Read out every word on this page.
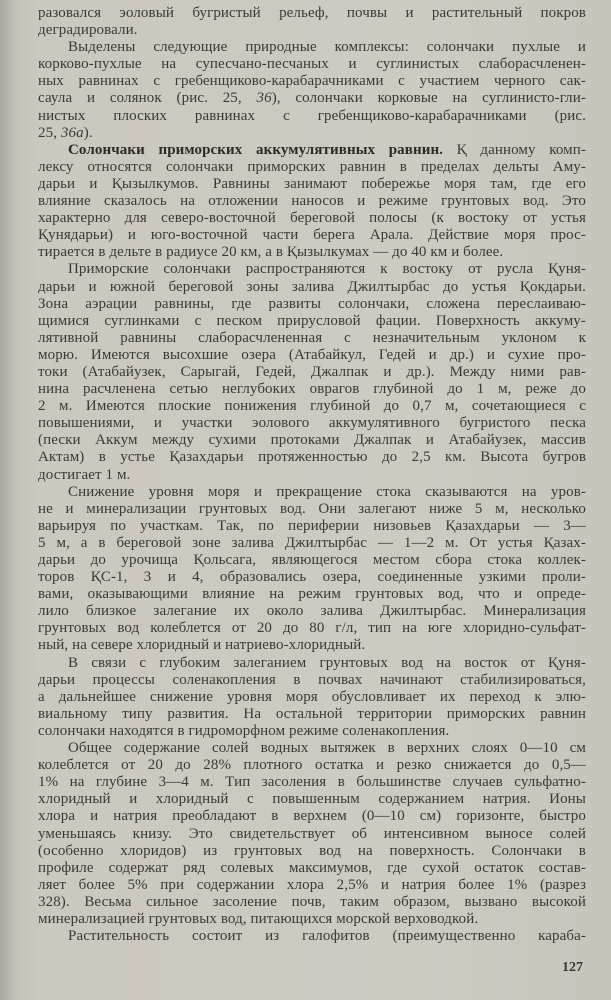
разовался эоловый бугристый рельеф, почвы и растительный покров
деградировали.
Выделены следующие природные комплексы: солончаки пухлые и
корково-пухлые на супесчано-песчаных и суглинистых слаборасчленен-
ных равнинах с гребенщиково-карабарачниками с участием черного сак-
саула и солянок (рис. 25, 36), солончаки корковые на суглинисто-гли-
нистых плоских равнинах с гребенщиково-карабарачниками (рис.
25, 36а).
Солончаки приморских аккумулятивных равнин. Қ данному комп-
лексу относятся солончаки приморских равнин в пределах дельты Аму-
дарьи и Қызылкумов. Равнины занимают побережье моря там, где его
влияние сказалось на отложении наносов и режиме грунтовых вод. Это
характерно для северо-восточной береговой полосы (к востоку от устья
Қунядарьи) и юго-восточной части берега Арала. Действие моря прос-
тирается в дельте в радиусе 20 км, а в Қызылкумах — до 40 км и более.
Приморские солончаки распространяются к востоку от русла Қуня-
дарьи и южной береговой зоны залива Джилтырбас до устья Қокдарьи.
Зона аэрации равнины, где развиты солончаки, сложена переслаиваю-
щимися суглинками с песком прирусловой фации. Поверхность аккуму-
лятивной равнины слаборасчлененная с незначительным уклоном к
морю. Имеются высохшие озера (Атабайкул, Гедей и др.) и сухие про-
токи (Атабайузек, Сарыгай, Гедей, Джалпак и др.). Между ними рав-
нина расчленена сетью неглубоких оврагов глубиной до 1 м, реже до
2 м. Имеются плоские понижения глубиной до 0,7 м, сочетающиеся с
повышениями, и участки эолового аккумулятивного бугристого песка
(пески Аккум между сухими протоками Джалпак и Атабайузек, массив
Актам) в устье Қазахдарьи протяженностью до 2,5 км. Высота бугров
достигает 1 м.
Снижение уровня моря и прекращение стока сказываются на уров-
не и минерализации грунтовых вод. Они залегают ниже 5 м, несколько
варьируя по участкам. Так, по периферии низовьев Қазахдарьи — 3—
5 м, а в береговой зоне залива Джилтырбас — 1—2 м. От устья Қазах-
дарьи до урочища Қольсага, являющегося местом сбора стока коллек-
торов ҚС-1, 3 и 4, образовались озера, соединенные узкими проли-
вами, оказывающими влияние на режим грунтовых вод, что и опреде-
лило близкое залегание их около залива Джилтырбас. Минерализация
грунтовых вод колеблется от 20 до 80 г/л, тип на юге хлоридно-сульфат-
ный, на севере хлоридный и натриево-хлоридный.
В связи с глубоким залеганием грунтовых вод на восток от Қуня-
дарьи процессы соленакопления в почвах начинают стабилизироваться,
а дальнейшее снижение уровня моря обусловливает их переход к элю-
виальному типу развития. На остальной территории приморских равнин
солончаки находятся в гидроморфном режиме соленакопления.
Общее содержание солей водных вытяжек в верхних слоях 0—10 см
колеблется от 20 до 28% плотного остатка и резко снижается до 0,5—
1% на глубине 3—4 м. Тип засоления в большинстве случаев сульфатно-
хлоридный и хлоридный с повышенным содержанием натрия. Ионы
хлора и натрия преобладают в верхнем (0—10 см) горизонте, быстро
уменьшаясь книзу. Это свидетельствует об интенсивном выносе солей
(особенно хлоридов) из грунтовых вод на поверхность. Солончаки в
профиле содержат ряд солевых максимумов, где сухой остаток состав-
ляет более 5% при содержании хлора 2,5% и натрия более 1% (разрез
328). Весьма сильное засоление почв, таким образом, вызвано высокой
минерализацией грунтовых вод, питающихся морской верховодкой.
Растительность состоит из галофитов (преимущественно караба-
127
